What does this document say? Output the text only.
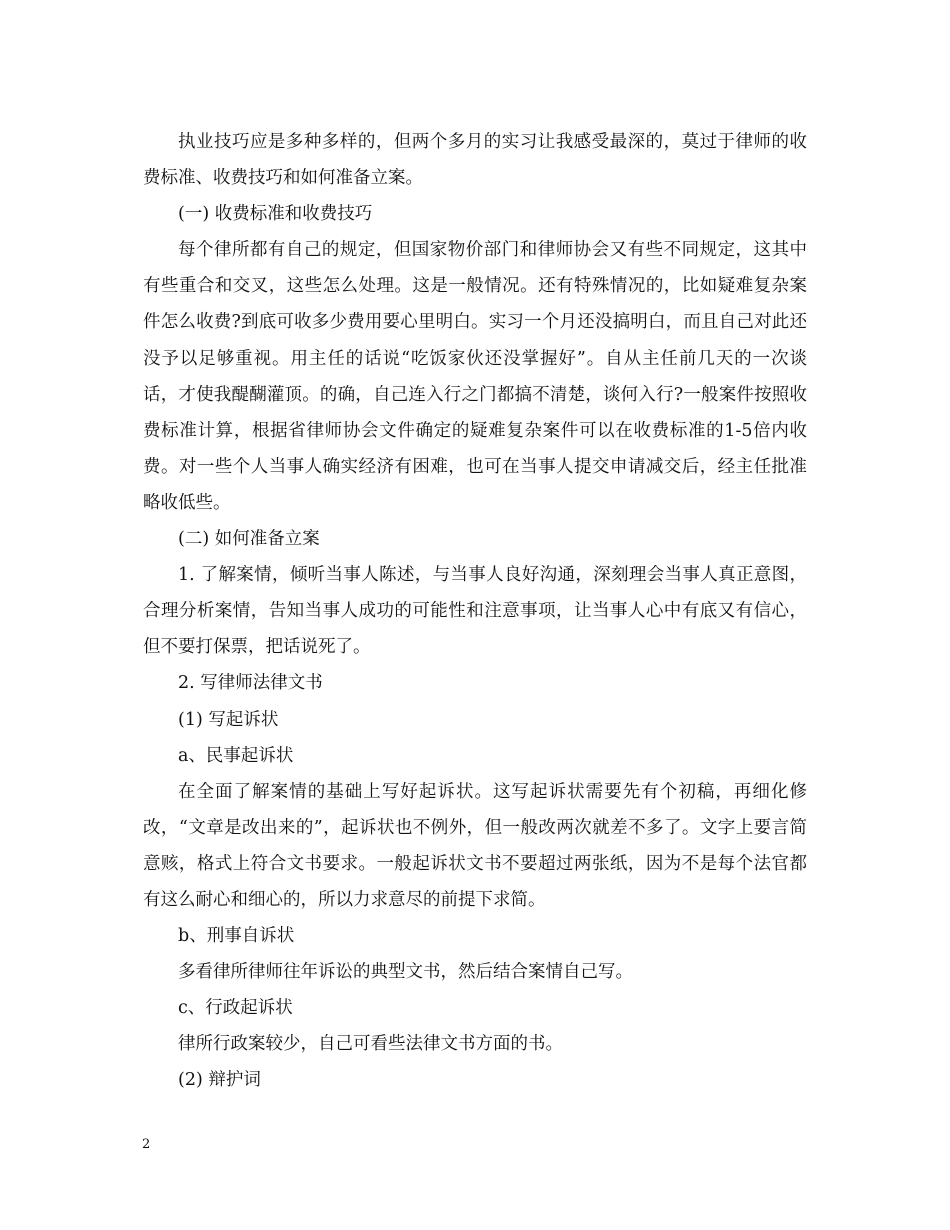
执业技巧应是多种多样的，但两个多月的实习让我感受最深的，莫过于律师的收费标准、收费技巧和如何准备立案。

(一) 收费标准和收费技巧

每个律所都有自己的规定，但国家物价部门和律师协会又有些不同规定，这其中有些重合和交叉，这些怎么处理。这是一般情况。还有特殊情况的，比如疑难复杂案件怎么收费?到底可收多少费用要心里明白。实习一个月还没搞明白，而且自己对此还没予以足够重视。用主任的话说“吃饭家伙还没掌握好”。自从主任前几天的一次谈话，才使我醍醐灌顶。的确，自己连入行之门都搞不清楚，谈何入行?一般案件按照收费标准计算，根据省律师协会文件确定的疑难复杂案件可以在收费标准的1-5倍内收费。对一些个人当事人确实经济有困难，也可在当事人提交申请减交后，经主任批准略收低些。

(二) 如何准备立案

1. 了解案情，倾听当事人陈述，与当事人良好沟通，深刻理会当事人真正意图，合理分析案情，告知当事人成功的可能性和注意事项，让当事人心中有底又有信心，但不要打保票，把话说死了。

2. 写律师法律文书

(1) 写起诉状

a、民事起诉状

在全面了解案情的基础上写好起诉状。这写起诉状需要先有个初稿，再细化修改，“文章是改出来的”，起诉状也不例外，但一般改两次就差不多了。文字上要言简意赅，格式上符合文书要求。一般起诉状文书不要超过两张纸，因为不是每个法官都有这么耐心和细心的，所以力求意尽的前提下求简。

b、刑事自诉状

多看律所律师往年诉讼的典型文书，然后结合案情自己写。

c、行政起诉状

律所行政案较少，自己可看些法律文书方面的书。

(2) 辩护词

2
